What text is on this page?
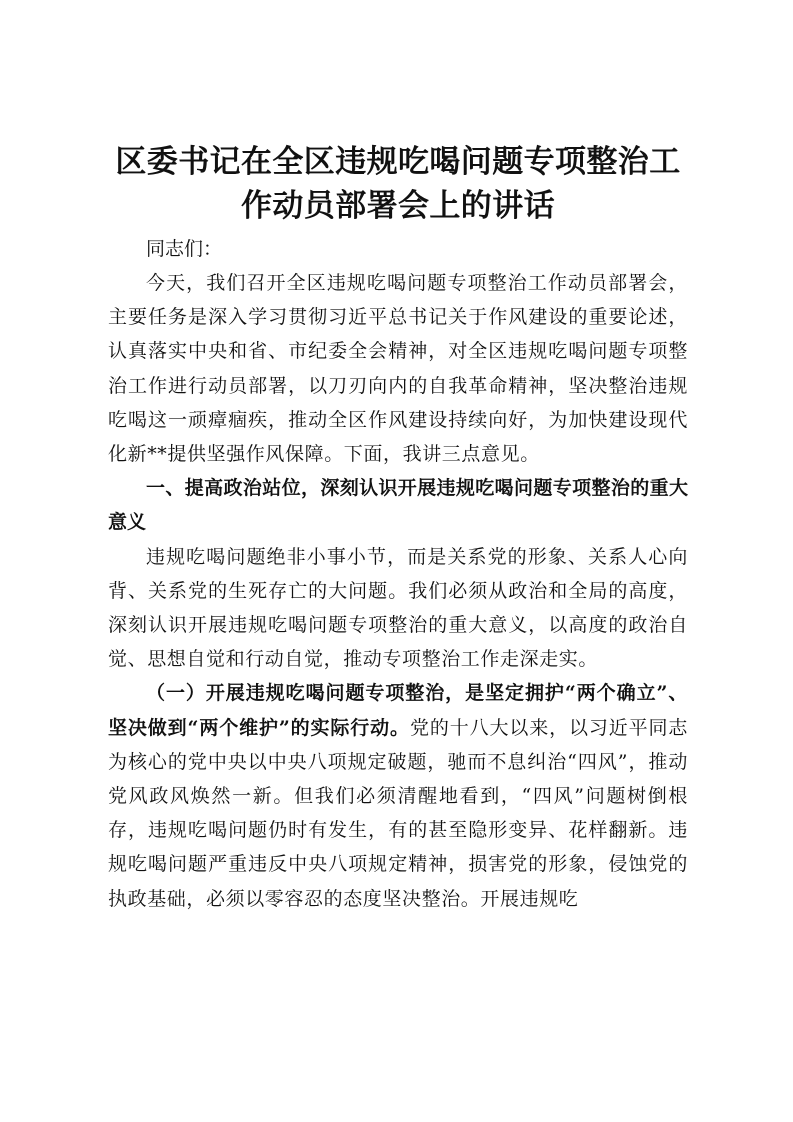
区委书记在全区违规吃喝问题专项整治工作动员部署会上的讲话

同志们：

今天，我们召开全区违规吃喝问题专项整治工作动员部署会，主要任务是深入学习贯彻习近平总书记关于作风建设的重要论述，认真落实中央和省、市纪委全会精神，对全区违规吃喝问题专项整治工作进行动员部署，以刀刃向内的自我革命精神，坚决整治违规吃喝这一顽瘴痼疾，推动全区作风建设持续向好，为加快建设现代化新**提供坚强作风保障。下面，我讲三点意见。

一、提高政治站位，深刻认识开展违规吃喝问题专项整治的重大意义

违规吃喝问题绝非小事小节，而是关系党的形象、关系人心向背、关系党的生死存亡的大问题。我们必须从政治和全局的高度，深刻认识开展违规吃喝问题专项整治的重大意义，以高度的政治自觉、思想自觉和行动自觉，推动专项整治工作走深走实。

（一）开展违规吃喝问题专项整治，是坚定拥护“两个确立”、坚决做到“两个维护”的实际行动。党的十八大以来，以习近平同志为核心的党中央以中央八项规定破题，驰而不息纠治“四风”，推动党风政风焕然一新。但我们必须清醒地看到，“四风”问题树倒根存，违规吃喝问题仍时有发生，有的甚至隐形变异、花样翻新。违规吃喝问题严重违反中央八项规定精神，损害党的形象，侵蚀党的执政基础，必须以零容忍的态度坚决整治。开展违规吃
